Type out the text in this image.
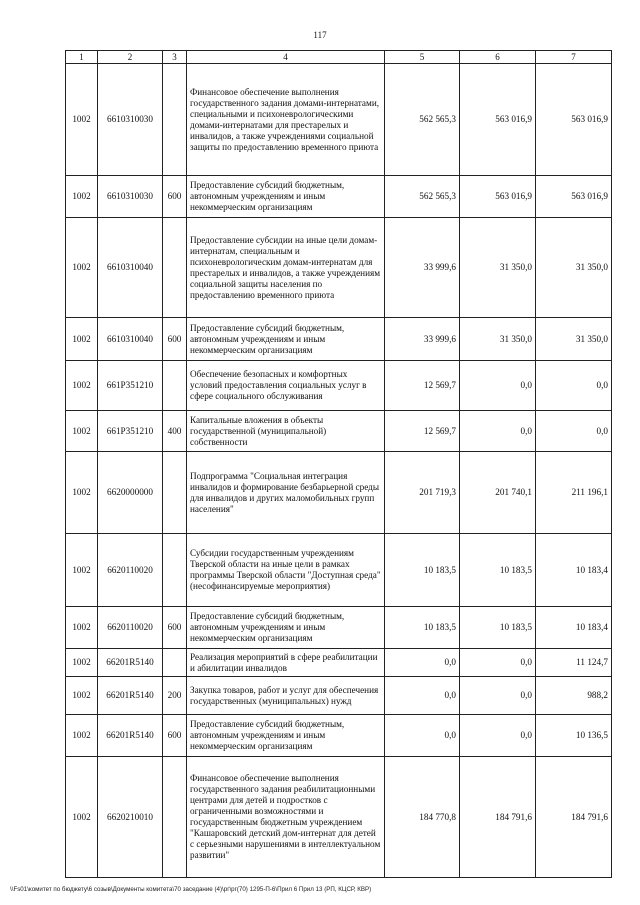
117
1	2	3	4	5	6	7
1002	6610310030		Финансовое обеспечение выполнения государственного задания домами-интернатами, специальными и психоневрологическими домами-интернатами для престарелых и инвалидов, а также учреждениями социальной защиты по предоставлению временного приюта	562 565,3	563 016,9	563 016,9
1002	6610310030	600	Предоставление субсидий бюджетным, автономным учреждениям и иным некоммерческим организациям	562 565,3	563 016,9	563 016,9
1002	6610310040		Предоставление субсидии на иные цели домам-интернатам, специальным и психоневрологическим домам-интернатам для престарелых и инвалидов, а также учреждениям социальной защиты населения по предоставлению временного приюта	33 999,6	31 350,0	31 350,0
1002	6610310040	600	Предоставление субсидий бюджетным, автономным учреждениям и иным некоммерческим организациям	33 999,6	31 350,0	31 350,0
1002	661P351210		Обеспечение безопасных и комфортных условий предоставления социальных услуг в сфере социального обслуживания	12 569,7	0,0	0,0
1002	661P351210	400	Капитальные вложения в объекты государственной (муниципальной) собственности	12 569,7	0,0	0,0
1002	6620000000		Подпрограмма "Социальная интеграция инвалидов и формирование безбарьерной среды для инвалидов и других маломобильных групп населения"	201 719,3	201 740,1	211 196,1
1002	6620110020		Субсидии государственным учреждениям Тверской области на иные цели в рамках программы Тверской области "Доступная среда" (несофинансируемые мероприятия)	10 183,5	10 183,5	10 183,4
1002	6620110020	600	Предоставление субсидий бюджетным, автономным учреждениям и иным некоммерческим организациям	10 183,5	10 183,5	10 183,4
1002	66201R5140		Реализация мероприятий в сфере реабилитации и абилитации инвалидов	0,0	0,0	11 124,7
1002	66201R5140	200	Закупка товаров, работ и услуг для обеспечения государственных (муниципальных) нужд	0,0	0,0	988,2
1002	66201R5140	600	Предоставление субсидий бюджетным, автономным учреждениям и иным некоммерческим организациям	0,0	0,0	10 136,5
1002	6620210010		Финансовое обеспечение выполнения государственного задания реабилитационными центрами для детей и подростков с ограниченными возможностями и государственным бюджетным учреждением "Кашаровский детский дом-интернат для детей с серьезными нарушениями в интеллектуальном развитии"	184 770,8	184 791,6	184 791,6
\\Fs01\комитет по бюджету\6 созыв\Документы комитета\70 заседание (4)\рг\рг(70) 1295-П-6\Прил 6 Прил 13 (РП, КЦСР, КВР)
